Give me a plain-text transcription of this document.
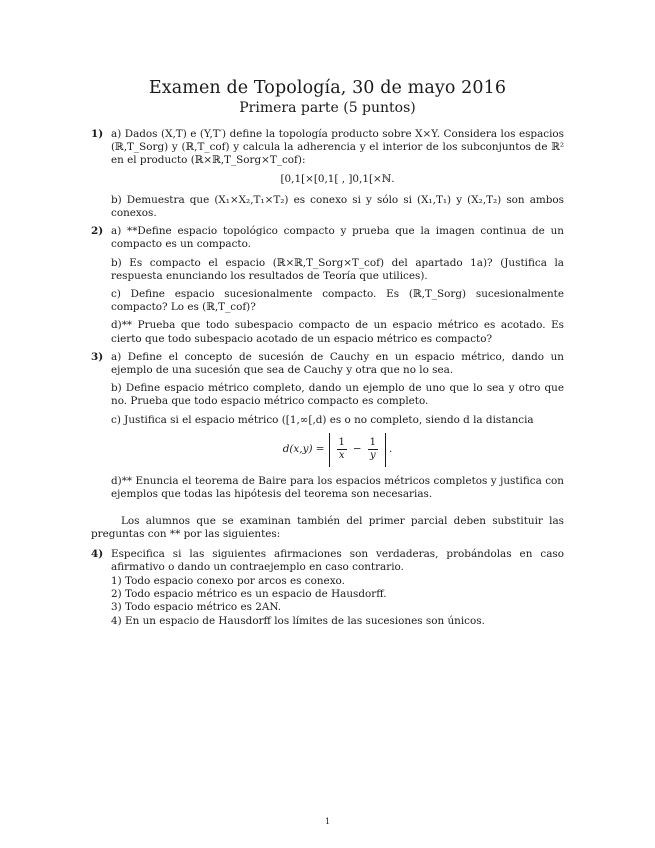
Examen de Topología, 30 de mayo 2016
Primera parte (5 puntos)
1) a) Dados (X,T) e (Y,T′) define la topología producto sobre X×Y. Considera los espacios (ℝ,T_Sorg) y (ℝ,T_cof) y calcula la adherencia y el interior de los subconjuntos de ℝ² en el producto (ℝ×ℝ,T_Sorg×T_cof):

[0,1[×[0,1[ , ]0,1[×ℕ.

b) Demuestra que (X₁×X₂,T₁×T₂) es conexo si y sólo si (X₁,T₁) y (X₂,T₂) son ambos conexos.

2) a) **Define espacio topológico compacto y prueba que la imagen continua de un compacto es un compacto.

b) Es compacto el espacio (ℝ×ℝ,T_Sorg×T_cof) del apartado 1a)? (Justifica la respuesta enunciando los resultados de Teoría que utilices).

c) Define espacio sucesionalmente compacto. Es (ℝ,T_Sorg) sucesionalmente compacto? Lo es (ℝ,T_cof)?

d)** Prueba que todo subespacio compacto de un espacio métrico es acotado. Es cierto que todo subespacio acotado de un espacio métrico es compacto?

3) a) Define el concepto de sucesión de Cauchy en un espacio métrico, dando un ejemplo de una sucesión que sea de Cauchy y otra que no lo sea.

b) Define espacio métrico completo, dando un ejemplo de uno que lo sea y otro que no. Prueba que todo espacio métrico compacto es completo.

c) Justifica si el espacio métrico ([1,∞[,d) es o no completo, siendo d la distancia

$d(x,y) = \frac{1}{x} - \frac{1}{y}$ .

d)** Enuncia el teorema de Baire para los espacios métricos completos y justifica con ejemplos que todas las hipótesis del teorema son necesarias.

Los alumnos que se examinan también del primer parcial deben substituir las preguntas con ** por las siguientes:

4) Especifica si las siguientes afirmaciones son verdaderas, probándolas en caso afirmativo o dando un contraejemplo en caso contrario.

1) Todo espacio conexo por arcos es conexo.
2) Todo espacio métrico es un espacio de Hausdorff.
3) Todo espacio métrico es 2AN.
4) En un espacio de Hausdorff los límites de las sucesiones son únicos.
1
